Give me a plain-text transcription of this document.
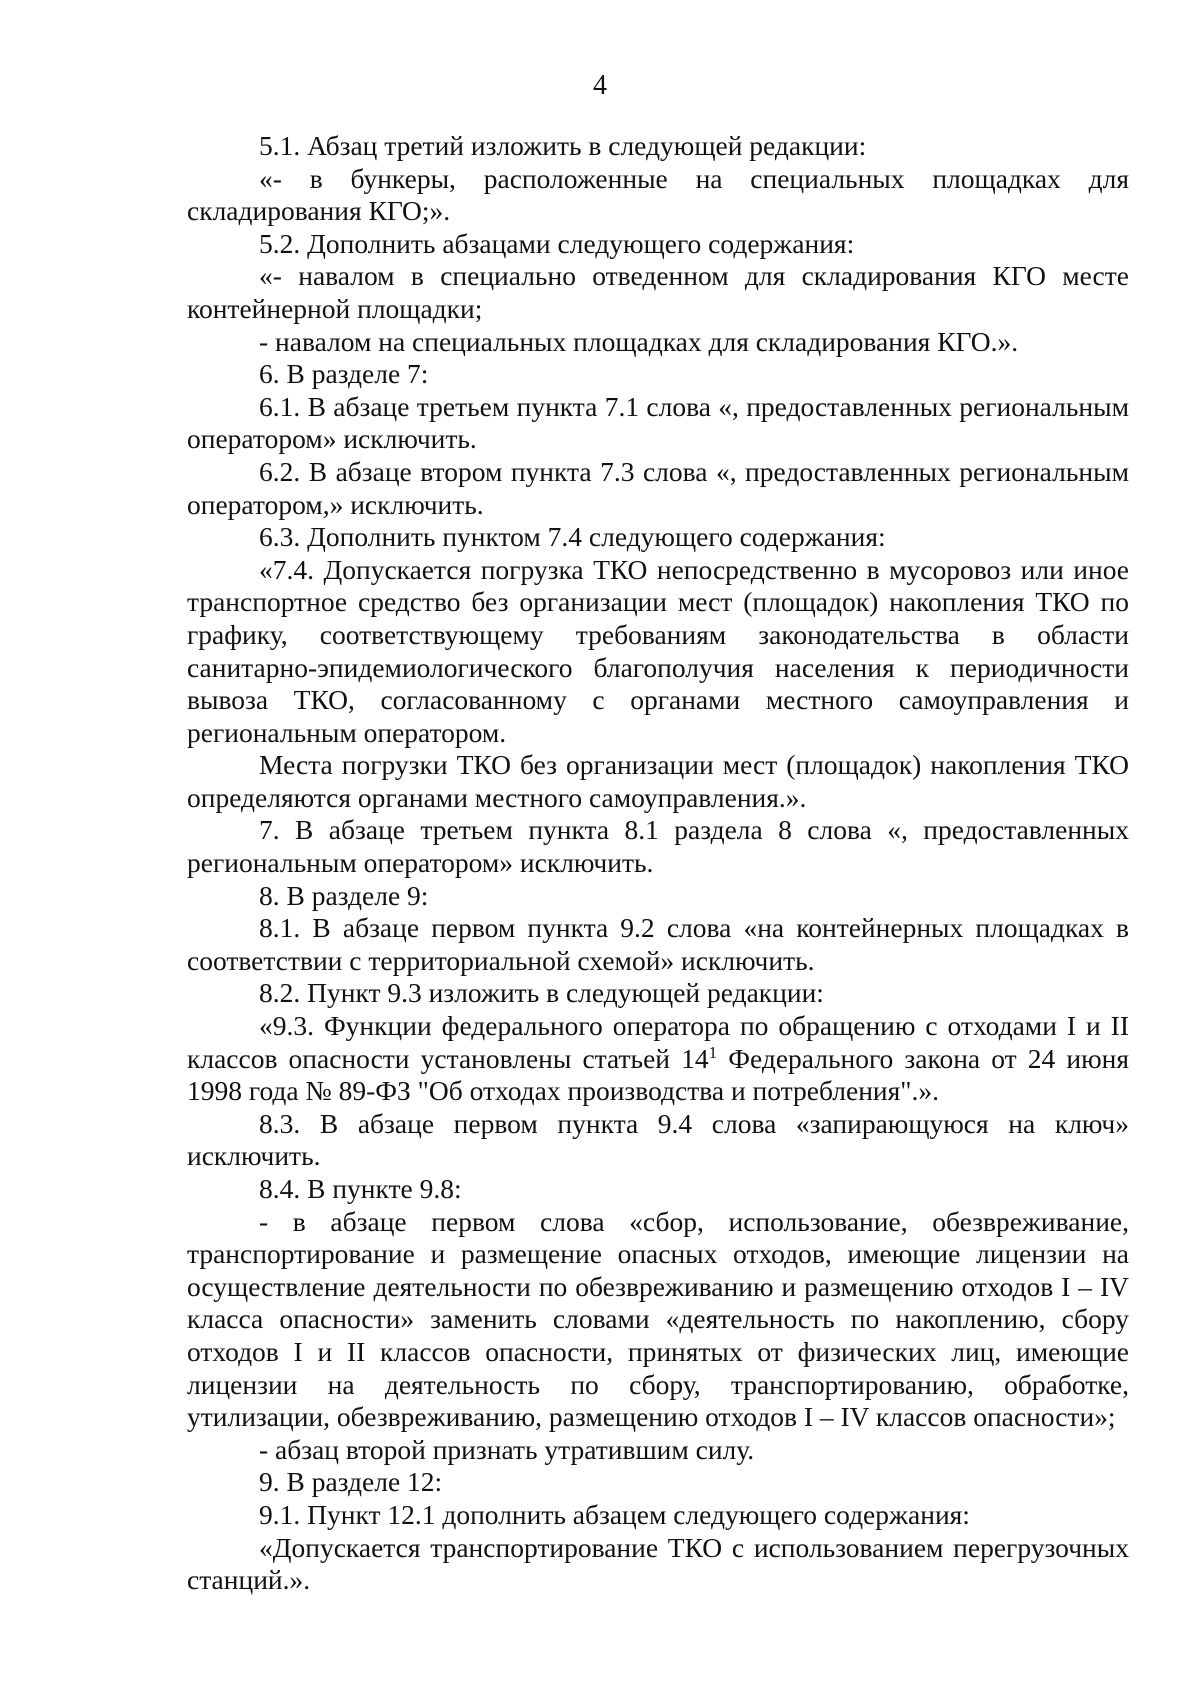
4

5.1. Абзац третий изложить в следующей редакции:

«- в бункеры, расположенные на специальных площадках для складирования КГО;».

5.2. Дополнить абзацами следующего содержания:

«- навалом в специально отведенном для складирования КГО месте контейнерной площадки;

- навалом на специальных площадках для складирования КГО.».

6. В разделе 7:

6.1. В абзаце третьем пункта 7.1 слова «, предоставленных региональным оператором» исключить.

6.2. В абзаце втором пункта 7.3 слова «, предоставленных региональным оператором,» исключить.

6.3. Дополнить пунктом 7.4 следующего содержания:

«7.4. Допускается погрузка ТКО непосредственно в мусоровоз или иное транспортное средство без организации мест (площадок) накопления ТКО по графику, соответствующему требованиям законодательства в области санитарно-эпидемиологического благополучия населения к периодичности вывоза ТКО, согласованному с органами местного самоуправления и региональным оператором.

Места погрузки ТКО без организации мест (площадок) накопления ТКО определяются органами местного самоуправления.».

7. В абзаце третьем пункта 8.1 раздела 8 слова «, предоставленных региональным оператором» исключить.

8. В разделе 9:

8.1. В абзаце первом пункта 9.2 слова «на контейнерных площадках в соответствии с территориальной схемой» исключить.

8.2. Пункт 9.3 изложить в следующей редакции:

«9.3. Функции федерального оператора по обращению с отходами I и II классов опасности установлены статьей $14^1$ Федерального закона от 24 июня 1998 года № 89-ФЗ "Об отходах производства и потребления".».

8.3. В абзаце первом пункта 9.4 слова «запирающуюся на ключ» исключить.

8.4. В пункте 9.8:

- в абзаце первом слова «сбор, использование, обезвреживание, транспортирование и размещение опасных отходов, имеющие лицензии на осуществление деятельности по обезвреживанию и размещению отходов I – IV класса опасности» заменить словами «деятельность по накоплению, сбору отходов I и II классов опасности, принятых от физических лиц, имеющие лицензии на деятельность по сбору, транспортированию, обработке, утилизации, обезвреживанию, размещению отходов I – IV классов опасности»;

- абзац второй признать утратившим силу.

9. В разделе 12:

9.1. Пункт 12.1 дополнить абзацем следующего содержания:

«Допускается транспортирование ТКО с использованием перегрузочных станций.».
